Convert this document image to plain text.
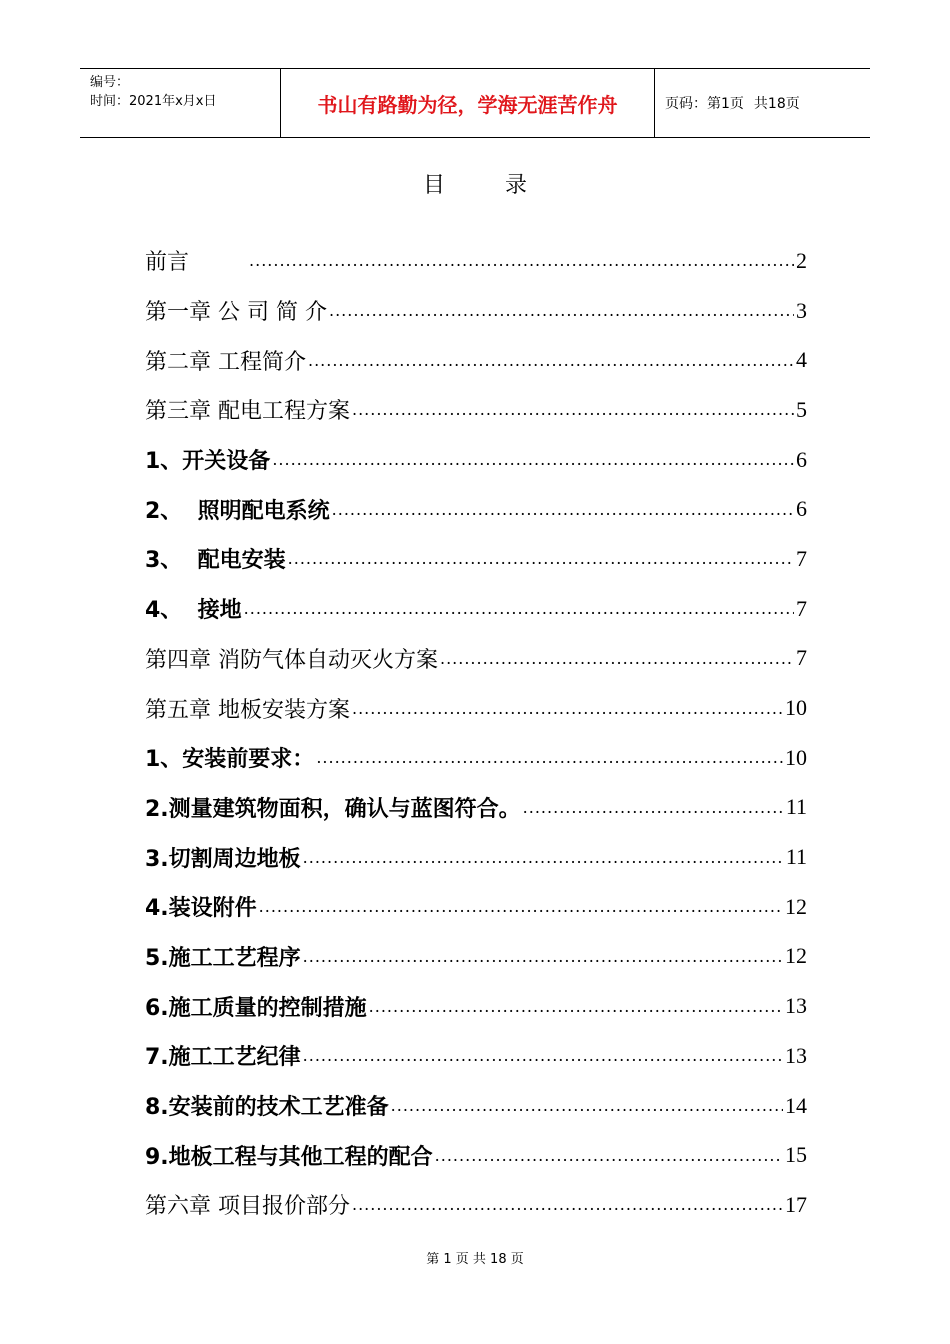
编号：
时间：2021年x月x日	书山有路勤为径，学海无涯苦作舟	页码：第1页 共18页
目录
前言 .....	2
第一章 公 司 简 介 .....	3
第二章 工程简介 .....	4
第三章 配电工程方案 .....	5
1、开关设备 .....	6
2、  照明配电系统 .....	6
3、  配电安装 .....	7
4、  接地 .....	7
第四章 消防气体自动灭火方案 .....	7
第五章 地板安装方案 .....	10
1、安装前要求： .....	10
2.测量建筑物面积，确认与蓝图符合。 .....	11
3.切割周边地板 .....	11
4.装设附件 .....	12
5.施工工艺程序 .....	12
6.施工质量的控制措施 .....	13
7.施工工艺纪律 .....	13
8.安装前的技术工艺准备 .....	14
9.地板工程与其他工程的配合 .....	15
第六章 项目报价部分 .....	17
第 1 页 共 18 页
